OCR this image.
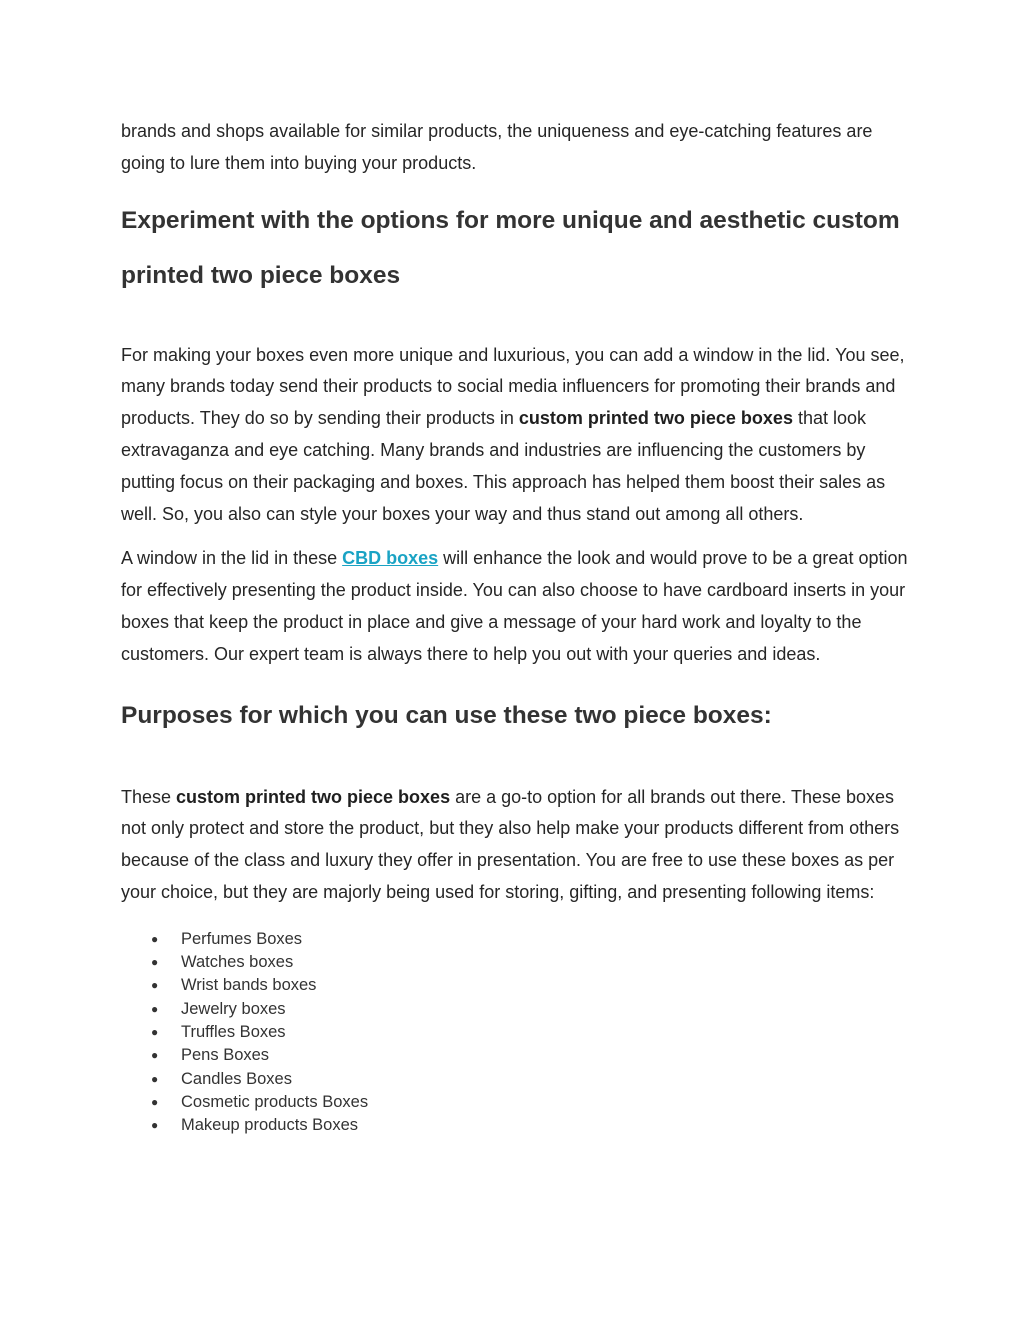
brands and shops available for similar products, the uniqueness and eye-catching features are going to lure them into buying your products.

Experiment with the options for more unique and aesthetic custom printed two piece boxes

For making your boxes even more unique and luxurious, you can add a window in the lid. You see, many brands today send their products to social media influencers for promoting their brands and products. They do so by sending their products in custom printed two piece boxes that look extravaganza and eye catching. Many brands and industries are influencing the customers by putting focus on their packaging and boxes. This approach has helped them boost their sales as well. So, you also can style your boxes your way and thus stand out among all others.

A window in the lid in these CBD boxes will enhance the look and would prove to be a great option for effectively presenting the product inside. You can also choose to have cardboard inserts in your boxes that keep the product in place and give a message of your hard work and loyalty to the customers. Our expert team is always there to help you out with your queries and ideas.

Purposes for which you can use these two piece boxes:

These custom printed two piece boxes are a go-to option for all brands out there. These boxes not only protect and store the product, but they also help make your products different from others because of the class and luxury they offer in presentation. You are free to use these boxes as per your choice, but they are majorly being used for storing, gifting, and presenting following items:

● Perfumes Boxes
● Watches boxes
● Wrist bands boxes
● Jewelry boxes
● Truffles Boxes
● Pens Boxes
● Candles Boxes
● Cosmetic products Boxes
● Makeup products Boxes
